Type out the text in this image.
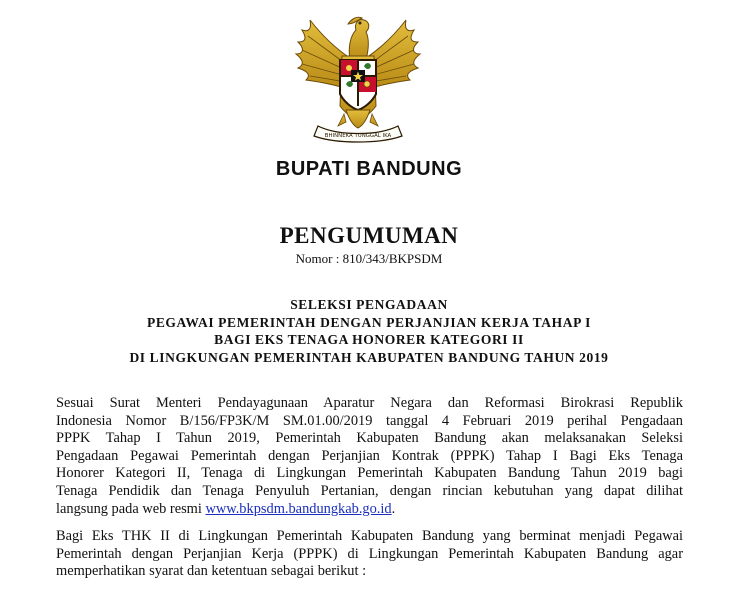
BHINNEKA TUNGGAL IKA
BUPATI BANDUNG
PENGUMUMAN
Nomor : 810/343/BKPSDM
SELEKSI PENGADAAN
PEGAWAI PEMERINTAH DENGAN PERJANJIAN KERJA TAHAP I
BAGI EKS TENAGA HONORER KATEGORI II
DI LINGKUNGAN PEMERINTAH KABUPATEN BANDUNG TAHUN 2019
Sesuai Surat Menteri Pendayagunaan Aparatur Negara dan Reformasi Birokrasi Republik
Indonesia Nomor B/156/FP3K/M SM.01.00/2019 tanggal 4 Februari 2019 perihal Pengadaan
PPPK Tahap I Tahun 2019, Pemerintah Kabupaten Bandung akan melaksanakan Seleksi
Pengadaan Pegawai Pemerintah dengan Perjanjian Kontrak (PPPK) Tahap I Bagi Eks Tenaga
Honorer Kategori II, Tenaga di Lingkungan Pemerintah Kabupaten Bandung Tahun 2019 bagi
Tenaga Pendidik dan Tenaga Penyuluh Pertanian, dengan rincian kebutuhan yang dapat dilihat
langsung pada web resmi www.bkpsdm.bandungkab.go.id.
Bagi Eks THK II di Lingkungan Pemerintah Kabupaten Bandung yang berminat menjadi Pegawai
Pemerintah dengan Perjanjian Kerja (PPPK) di Lingkungan Pemerintah Kabupaten Bandung agar
memperhatikan syarat dan ketentuan sebagai berikut :
